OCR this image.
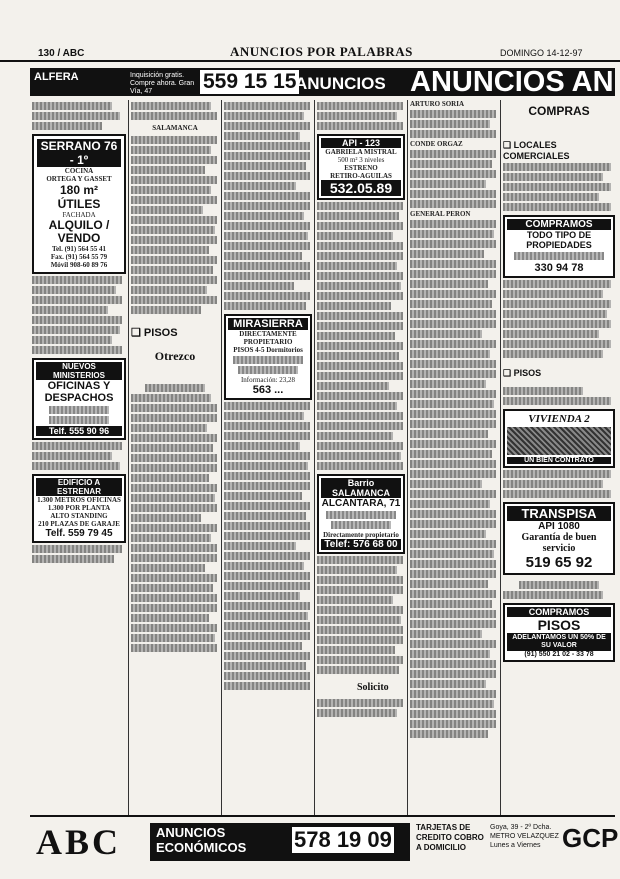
130 / ABC	ANUNCIOS POR PALABRAS	DOMINGO 14-12-97
ALFERA	Inquisición gratis. Compre ahora. Gran Vía, 47	559 15 15
ANUNCIOS ANUNCIOS AN
SERRANO 76 - 1º
COCINA
ORTEGA Y GASSET
180 m² ÚTILES
FACHADA
ALQUILO / VENDO
Tel. (91) 564 55 41
Fax. (91) 564 55 79
Móvil 908-60 89 76
NUEVOS MINISTERIOS
OFICINAS Y DESPACHOS
Telf. 555 90 96
EDIFICIO A ESTRENAR
1.300 METROS OFICINAS
1.300 POR PLANTA
ALTO STANDING
210 PLAZAS DE GARAJE
Telf. 559 79 45
SALAMANCA
❏ PISOS
Otrezco
MIRASIERRA
DIRECTAMENTE PROPIETARIO
PISOS 4-5 Dormitorios
Información: 23,28
563 ...
API - 123
GABRIELA MISTRAL
500 m² 3 niveles
ESTRENO
RETIRO-AGUILAS
532.05.89
Barrio SALAMANCA
ALCÁNTARA, 71
Directamente propietario
Telef: 576 68 00
Solicito
ARTURO SORIA
CONDE ORGAZ
GENERAL PERON
COMPRAS
❏ LOCALES COMERCIALES
COMPRAMOS
TODO TIPO DE PROPIEDADES
330 94 78
❏ PISOS
VIVIENDA 2
UN BIEN CONTRATO
TRANSPISA
API 1080
Garantía de buen servicio
519 65 92
COMPRAMOS
PISOS
ADELANTAMOS UN 50% DE SU VALOR
(91) 550 21 02 - 33 78
ABC	ANUNCIOS ECONÓMICOS	578 19 09	TARJETAS DE CREDITO COBRO A DOMICILIO
Goya, 39 - 2º Dcha. METRO VELAZQUEZ Lunes a Viernes GCP
